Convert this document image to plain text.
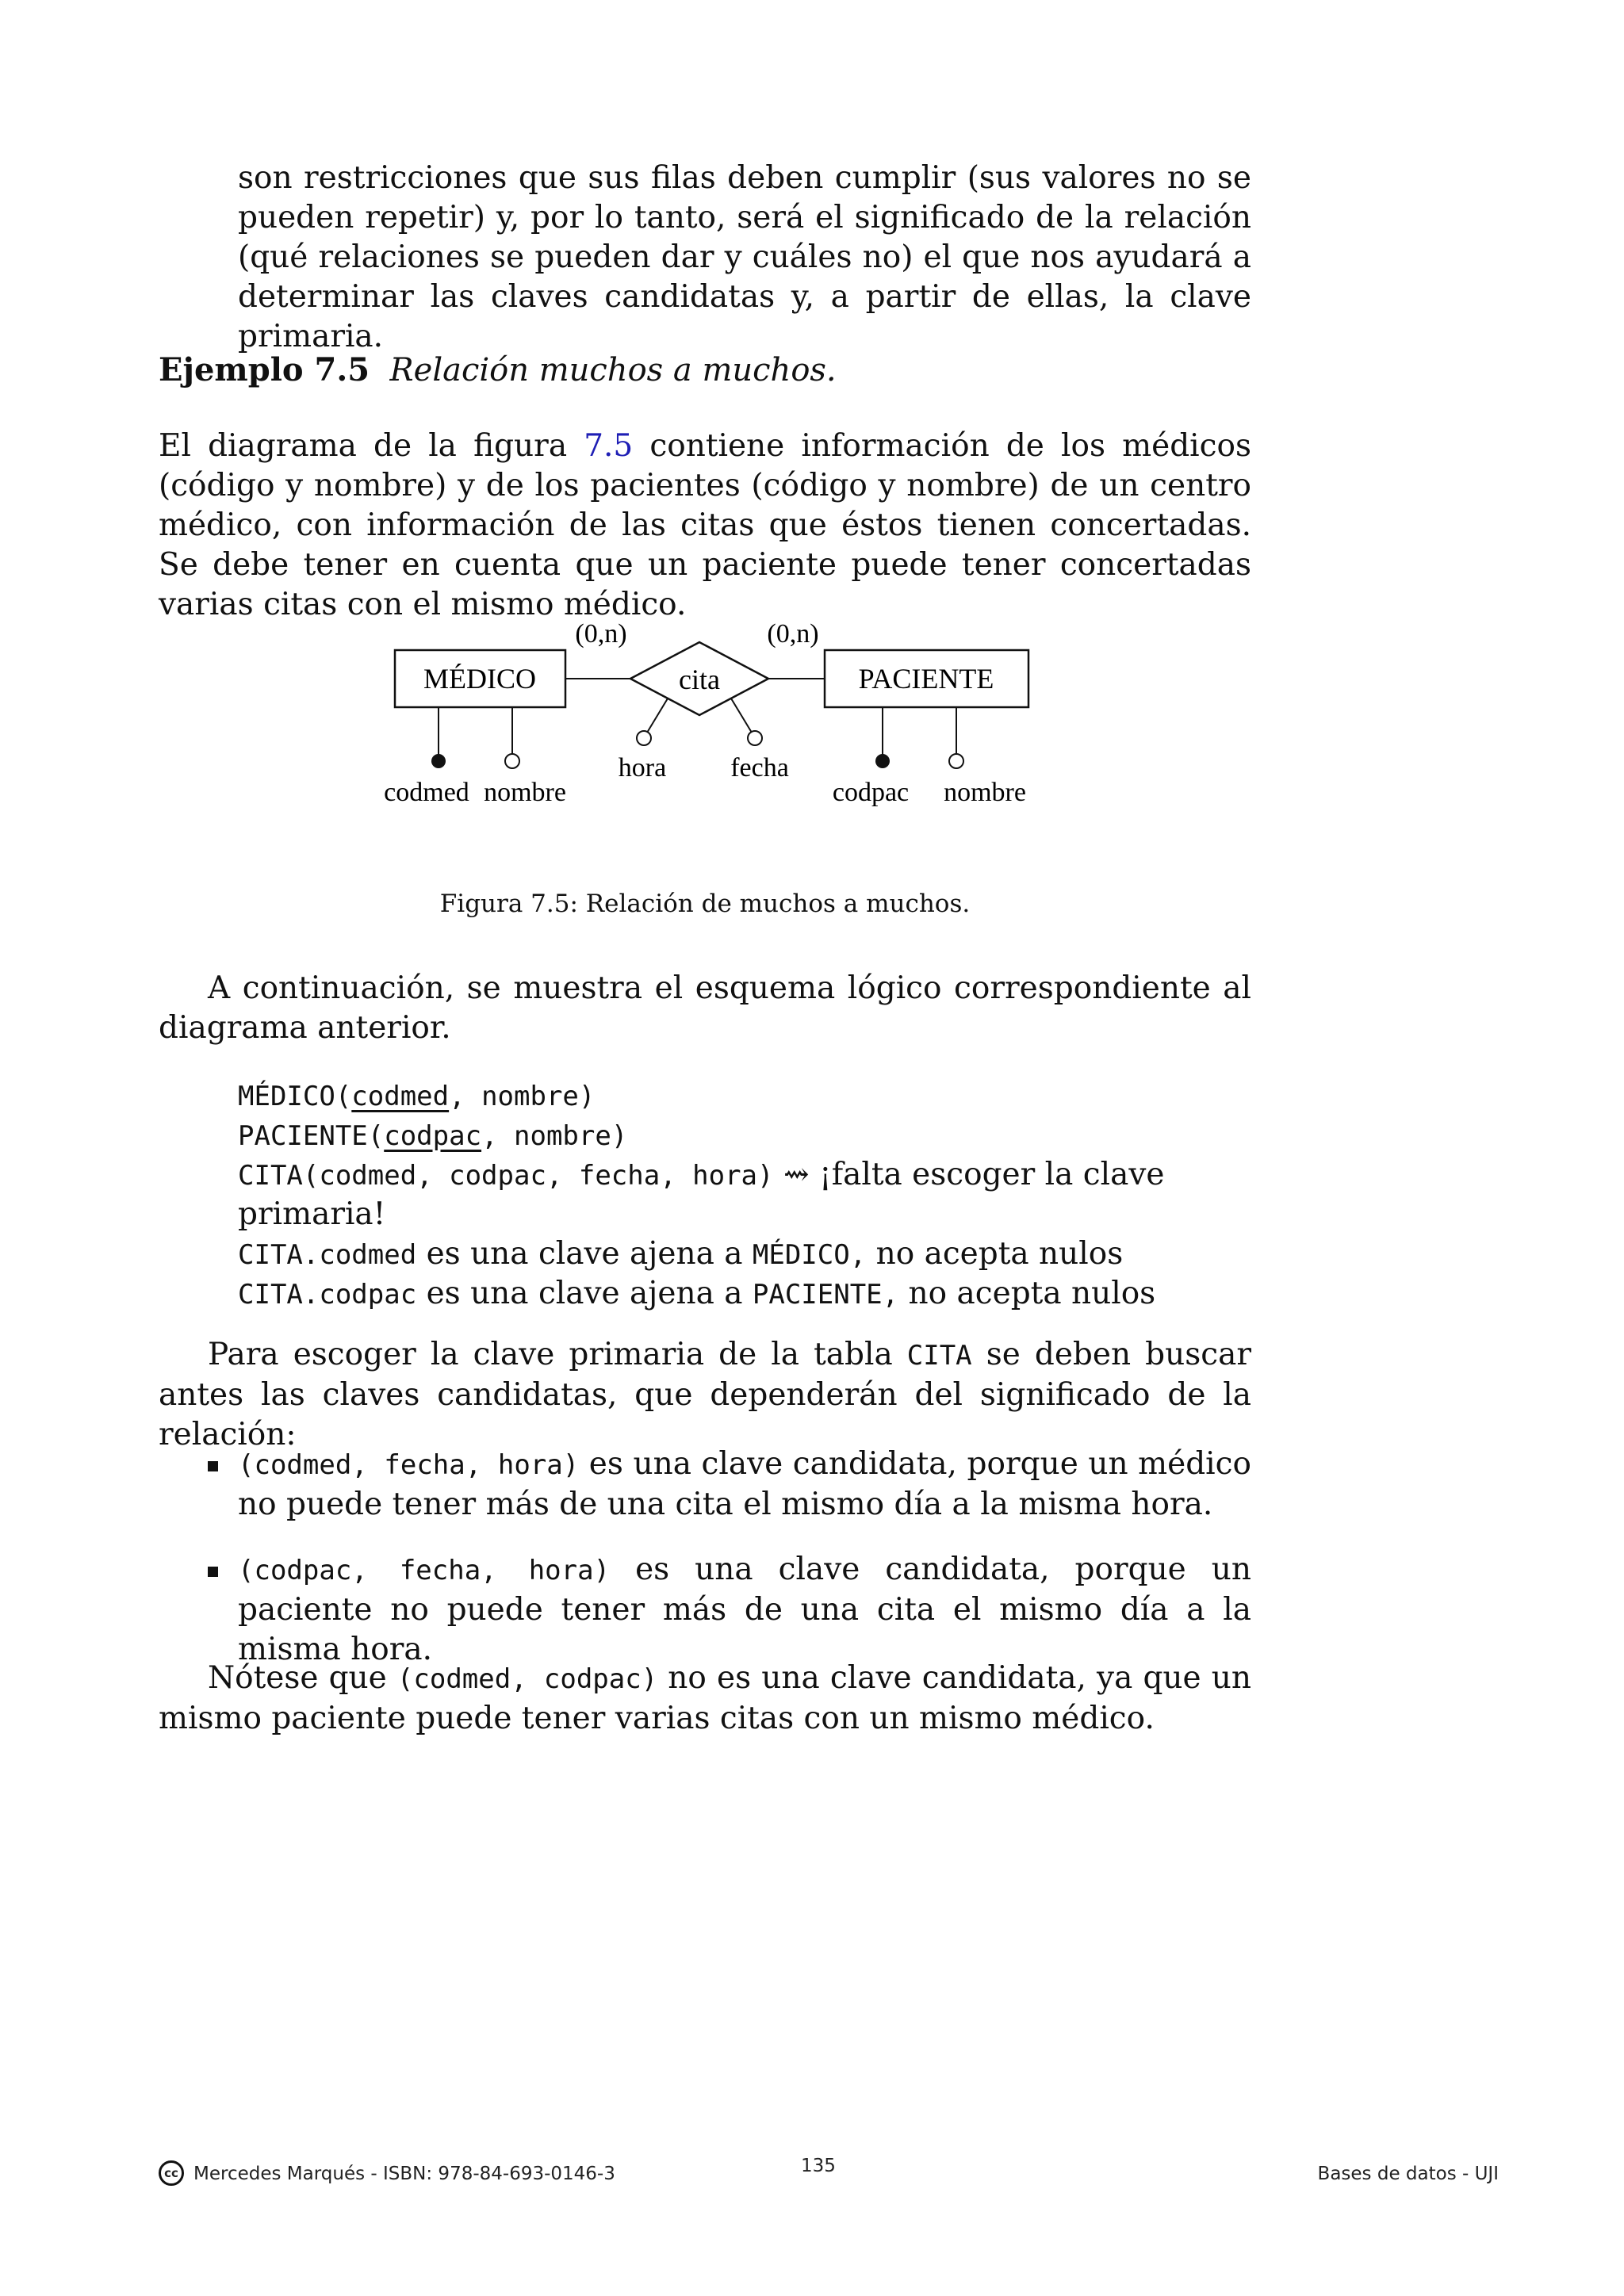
son restricciones que sus filas deben cumplir (sus valores no se pueden repetir) y, por lo tanto, será el significado de la relación (qué relaciones se pueden dar y cuáles no) el que nos ayudará a determinar las claves candidatas y, a partir de ellas, la clave primaria.

Ejemplo 7.5 Relación muchos a muchos.

El diagrama de la figura 7.5 contiene información de los médicos (código y nombre) y de los pacientes (código y nombre) de un centro médico, con información de las citas que éstos tienen concertadas. Se debe tener en cuenta que un paciente puede tener concertadas varias citas con el mismo médico.

MÉDICO	PACIENTE
cita
(0,n)	(0,n)
codmed nombre
hora fecha
codpac nombre
Figura 7.5: Relación de muchos a muchos.

A continuación, se muestra el esquema lógico correspondiente al diagrama anterior.

MÉDICO(codmed, nombre)
PACIENTE(codpac, nombre)
CITA(codmed, codpac, fecha, hora) ⇝ ¡falta escoger la clave
primaria!
CITA.codmed es una clave ajena a MÉDICO, no acepta nulos
CITA.codpac es una clave ajena a PACIENTE, no acepta nulos

Para escoger la clave primaria de la tabla CITA se deben buscar antes las claves candidatas, que dependerán del significado de la relación:

(codmed, fecha, hora) es una clave candidata, porque un médico no puede tener más de una cita el mismo día a la misma hora.
(codpac, fecha, hora) es una clave candidata, porque un paciente no puede tener más de una cita el mismo día a la misma hora.

Nótese que (codmed, codpac) no es una clave candidata, ya que un mismo paciente puede tener varias citas con un mismo médico.

cc Mercedes Marqués - ISBN: 978-84-693-0146-3	135	Bases de datos - UJI
